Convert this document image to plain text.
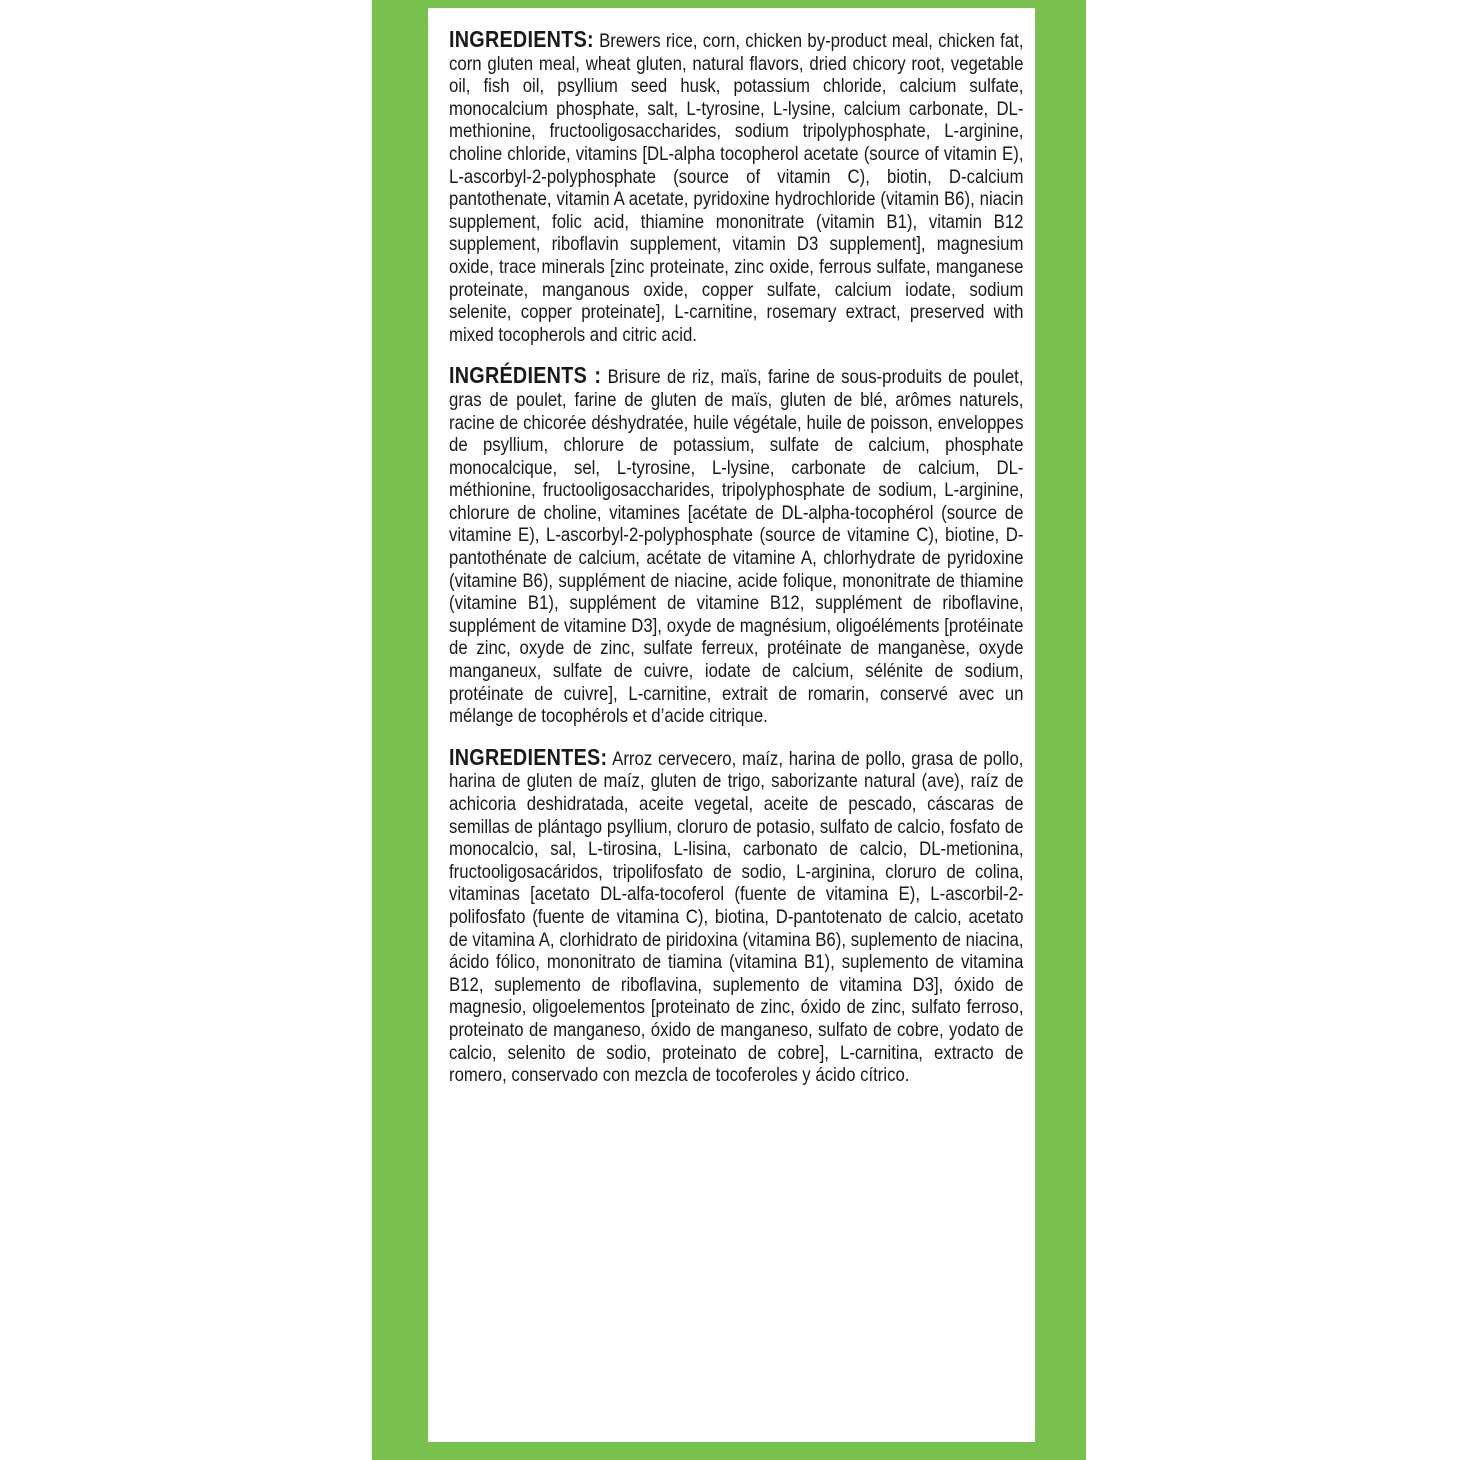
INGREDIENTS: Brewers rice, corn, chicken by-product meal, chicken fat, corn gluten meal, wheat gluten, natural flavors, dried chicory root, vegetable oil, fish oil, psyllium seed husk, potassium chloride, calcium sulfate, monocalcium phosphate, salt, L-tyrosine, L-lysine, calcium carbonate, DL-methionine, fructooligosaccharides, sodium tripolyphosphate, L-arginine, choline chloride, vitamins [DL-alpha tocopherol acetate (source of vitamin E), L-ascorbyl-2-polyphosphate (source of vitamin C), biotin, D-calcium pantothenate, vitamin A acetate, pyridoxine hydrochloride (vitamin B6), niacin supplement, folic acid, thiamine mononitrate (vitamin B1), vitamin B12 supplement, riboflavin supplement, vitamin D3 supplement], magnesium oxide, trace minerals [zinc proteinate, zinc oxide, ferrous sulfate, manganese proteinate, manganous oxide, copper sulfate, calcium iodate, sodium selenite, copper proteinate], L-carnitine, rosemary extract, preserved with mixed tocopherols and citric acid.

INGRÉDIENTS : Brisure de riz, maïs, farine de sous-produits de poulet, gras de poulet, farine de gluten de maïs, gluten de blé, arômes naturels, racine de chicorée déshydratée, huile végétale, huile de poisson, enveloppes de psyllium, chlorure de potassium, sulfate de calcium, phosphate monocalcique, sel, L-tyrosine, L-lysine, carbonate de calcium, DL-méthionine, fructooligosaccharides, tripolyphosphate de sodium, L-arginine, chlorure de choline, vitamines [acétate de DL-alpha-tocophérol (source de vitamine E), L-ascorbyl-2-polyphosphate (source de vitamine C), biotine, D-pantothénate de calcium, acétate de vitamine A, chlorhydrate de pyridoxine (vitamine B6), supplément de niacine, acide folique, mononitrate de thiamine (vitamine B1), supplément de vitamine B12, supplément de riboflavine, supplément de vitamine D3], oxyde de magnésium, oligoéléments [protéinate de zinc, oxyde de zinc, sulfate ferreux, protéinate de manganèse, oxyde manganeux, sulfate de cuivre, iodate de calcium, sélénite de sodium, protéinate de cuivre], L-carnitine, extrait de romarin, conservé avec un mélange de tocophérols et d’acide citrique.

INGREDIENTES: Arroz cervecero, maíz, harina de pollo, grasa de pollo, harina de gluten de maíz, gluten de trigo, saborizante natural (ave), raíz de achicoria deshidratada, aceite vegetal, aceite de pescado, cáscaras de semillas de plántago psyllium, cloruro de potasio, sulfato de calcio, fosfato de monocalcio, sal, L-tirosina, L-lisina, carbonato de calcio, DL-metionina, fructooligosacáridos, tripolifosfato de sodio, L-arginina, cloruro de colina, vitaminas [acetato DL-alfa-tocoferol (fuente de vitamina E), L-ascorbil-2-polifosfato (fuente de vitamina C), biotina, D-pantotenato de calcio, acetato de vitamina A, clorhidrato de piridoxina (vitamina B6), suplemento de niacina, ácido fólico, mononitrato de tiamina (vitamina B1), suplemento de vitamina B12, suplemento de riboflavina, suplemento de vitamina D3], óxido de magnesio, oligoelementos [proteinato de zinc, óxido de zinc, sulfato ferroso, proteinato de manganeso, óxido de manganeso, sulfato de cobre, yodato de calcio, selenito de sodio, proteinato de cobre], L-carnitina, extracto de romero, conservado con mezcla de tocoferoles y ácido cítrico.
